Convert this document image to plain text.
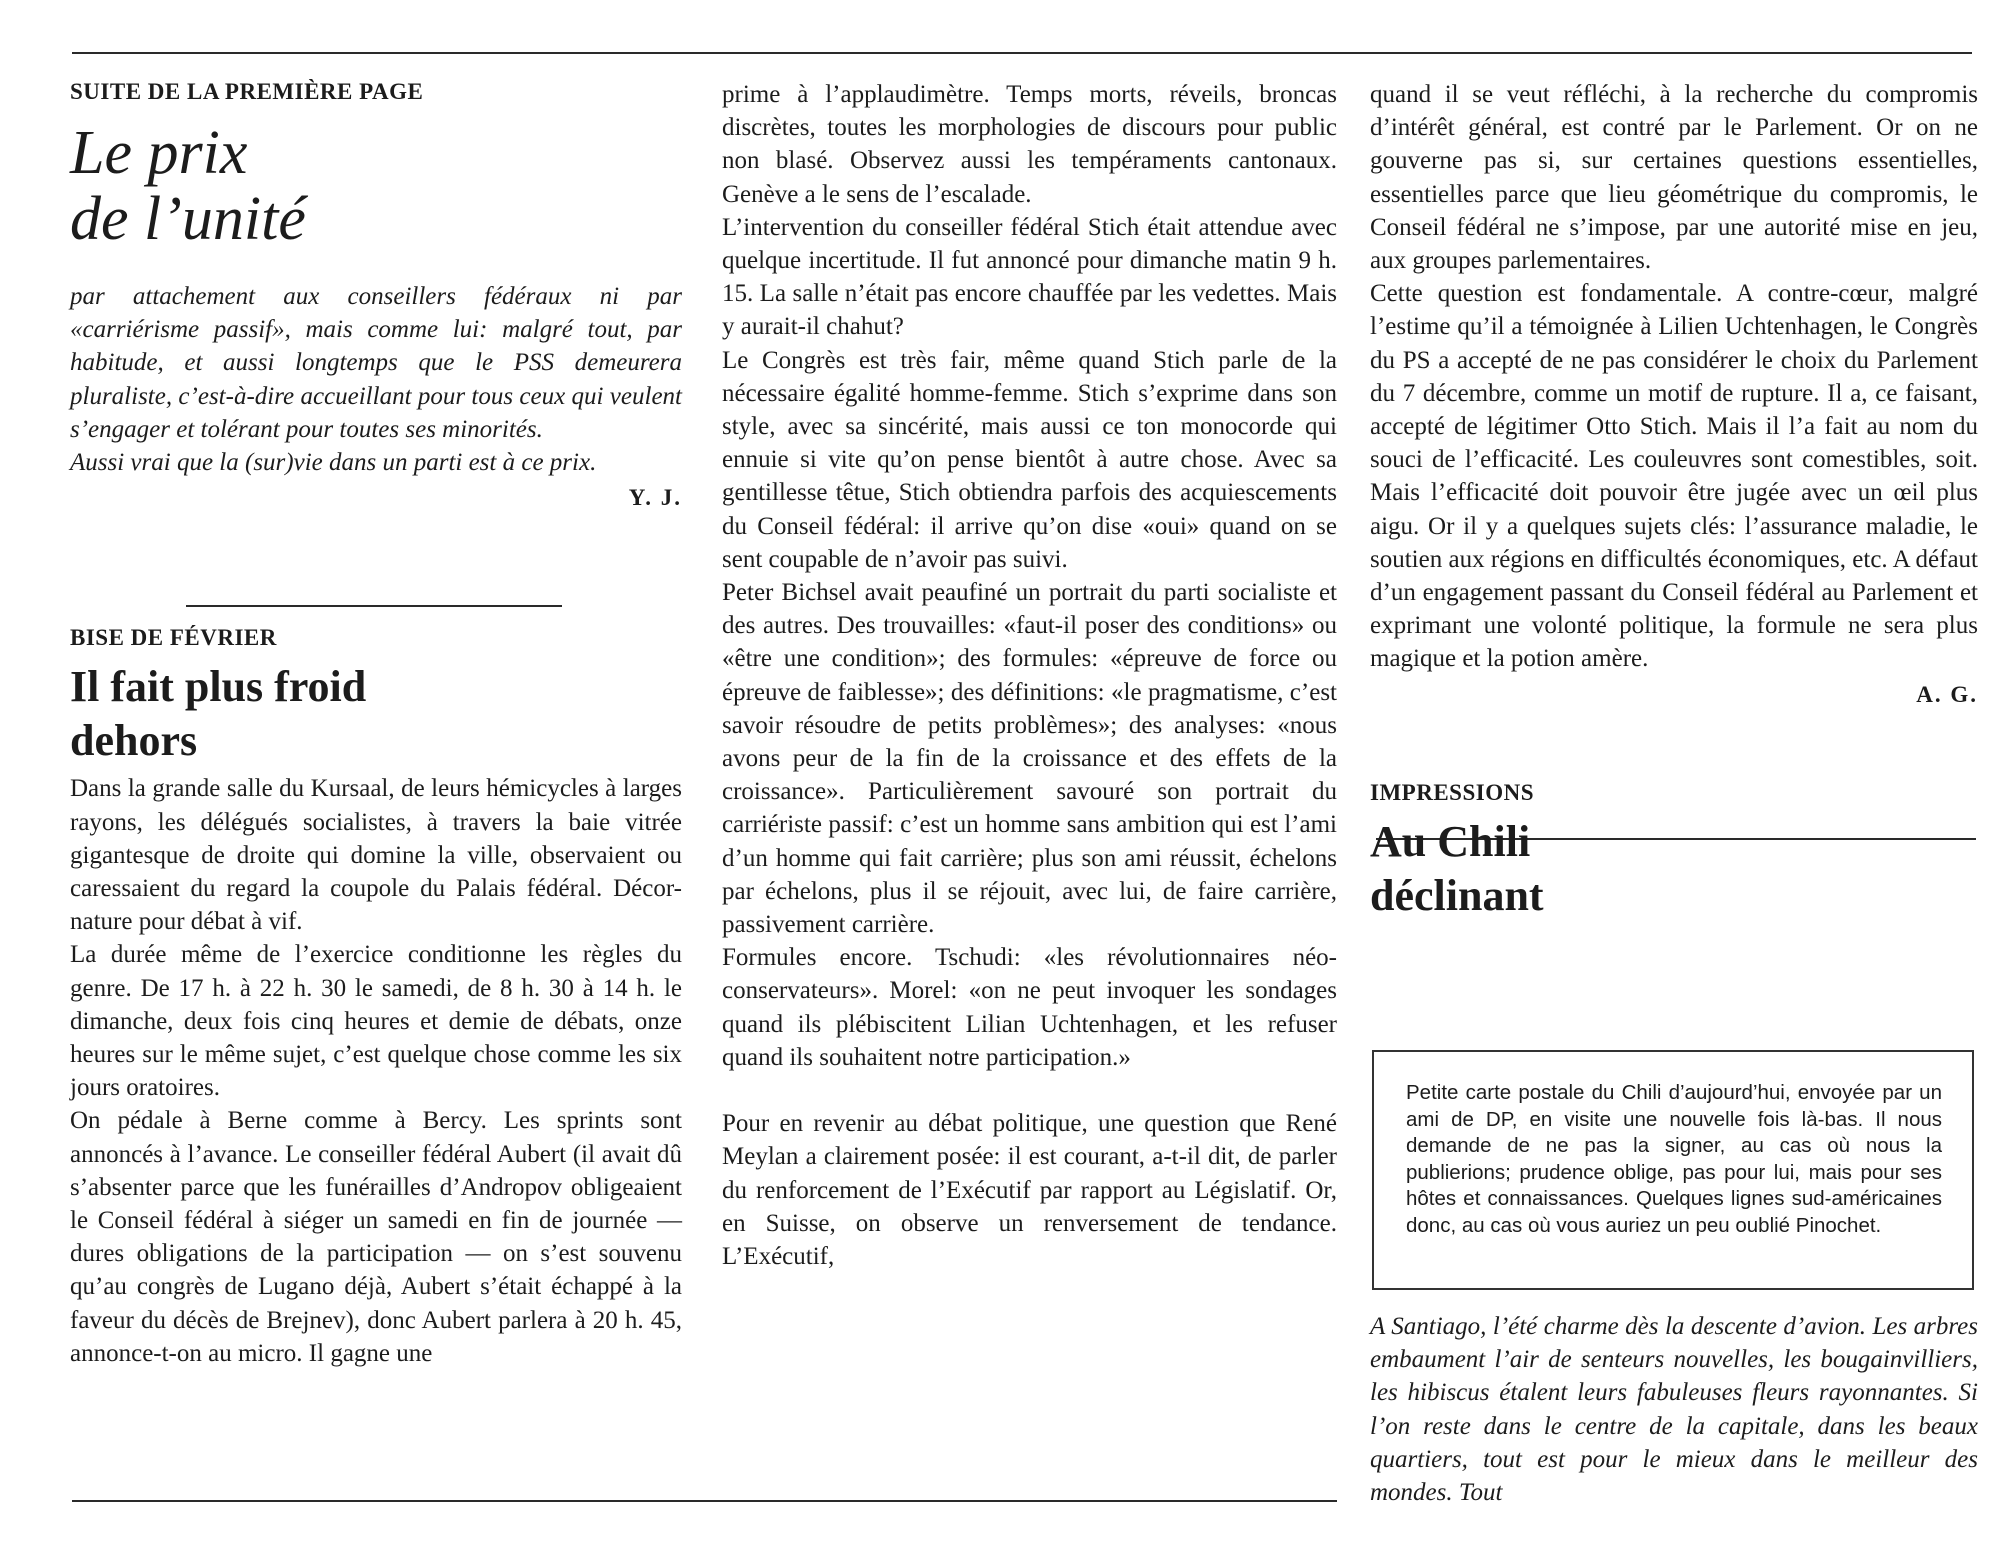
SUITE DE LA PREMIÈRE PAGE
Le prix
de l’unité

par attachement aux conseillers fédéraux ni par «carriérisme passif», mais comme lui: malgré tout, par habitude, et aussi longtemps que le PSS demeurera pluraliste, c’est-à-dire accueillant pour tous ceux qui veulent s’engager et tolérant pour toutes ses minorités.

Aussi vrai que la (sur)vie dans un parti est à ce prix.

Y. J.
BISE DE FÉVRIER
Il fait plus froid
dehors

Dans la grande salle du Kursaal, de leurs hémicycles à larges rayons, les délégués socialistes, à travers la baie vitrée gigantesque de droite qui domine la ville, observaient ou caressaient du regard la coupole du Palais fédéral. Décor-nature pour débat à vif.

La durée même de l’exercice conditionne les règles du genre. De 17 h. à 22 h. 30 le samedi, de 8 h. 30 à 14 h. le dimanche, deux fois cinq heures et demie de débats, onze heures sur le même sujet, c’est quelque chose comme les six jours oratoires.

On pédale à Berne comme à Bercy. Les sprints sont annoncés à l’avance. Le conseiller fédéral Aubert (il avait dû s’absenter parce que les funérailles d’Andropov obligeaient le Conseil fédéral à siéger un samedi en fin de journée — dures obligations de la participation — on s’est souvenu qu’au congrès de Lugano déjà, Aubert s’était échappé à la faveur du décès de Brejnev), donc Aubert parlera à 20 h. 45, annonce-t-on au micro. Il gagne une

prime à l’applaudimètre. Temps morts, réveils, broncas discrètes, toutes les morphologies de discours pour public non blasé. Observez aussi les tempéraments cantonaux. Genève a le sens de l’escalade.

L’intervention du conseiller fédéral Stich était attendue avec quelque incertitude. Il fut annoncé pour dimanche matin 9 h. 15. La salle n’était pas encore chauffée par les vedettes. Mais y aurait-il chahut?

Le Congrès est très fair, même quand Stich parle de la nécessaire égalité homme-femme. Stich s’exprime dans son style, avec sa sincérité, mais aussi ce ton monocorde qui ennuie si vite qu’on pense bientôt à autre chose. Avec sa gentillesse têtue, Stich obtiendra parfois des acquiescements du Conseil fédéral: il arrive qu’on dise «oui» quand on se sent coupable de n’avoir pas suivi.

Peter Bichsel avait peaufiné un portrait du parti socialiste et des autres. Des trouvailles: «faut-il poser des conditions» ou «être une condition»; des formules: «épreuve de force ou épreuve de faiblesse»; des définitions: «le pragmatisme, c’est savoir résoudre de petits problèmes»; des analyses: «nous avons peur de la fin de la croissance et des effets de la croissance». Particulièrement savouré son portrait du carriériste passif: c’est un homme sans ambition qui est l’ami d’un homme qui fait carrière; plus son ami réussit, échelons par échelons, plus il se réjouit, avec lui, de faire carrière, passivement carrière.

Formules encore. Tschudi: «les révolutionnaires néo-conservateurs». Morel: «on ne peut invoquer les sondages quand ils plébiscitent Lilian Uchtenhagen, et les refuser quand ils souhaitent notre participation.»

Pour en revenir au débat politique, une question que René Meylan a clairement posée: il est courant, a-t-il dit, de parler du renforcement de l’Exécutif par rapport au Législatif. Or, en Suisse, on observe un renversement de tendance. L’Exécutif,

quand il se veut réfléchi, à la recherche du compromis d’intérêt général, est contré par le Parlement. Or on ne gouverne pas si, sur certaines questions essentielles, essentielles parce que lieu géométrique du compromis, le Conseil fédéral ne s’impose, par une autorité mise en jeu, aux groupes parlementaires.

Cette question est fondamentale. A contre-cœur, malgré l’estime qu’il a témoignée à Lilien Uchtenhagen, le Congrès du PS a accepté de ne pas considérer le choix du Parlement du 7 décembre, comme un motif de rupture. Il a, ce faisant, accepté de légitimer Otto Stich. Mais il l’a fait au nom du souci de l’efficacité. Les couleuvres sont comestibles, soit. Mais l’efficacité doit pouvoir être jugée avec un œil plus aigu. Or il y a quelques sujets clés: l’assurance maladie, le soutien aux régions en difficultés économiques, etc. A défaut d’un engagement passant du Conseil fédéral au Parlement et exprimant une volonté politique, la formule ne sera plus magique et la potion amère.

A. G.
IMPRESSIONS
Au Chili
déclinant

Petite carte postale du Chili d’aujourd’hui, envoyée par un ami de DP, en visite une nouvelle fois là-bas. Il nous demande de ne pas la signer, au cas où nous la publierions; prudence oblige, pas pour lui, mais pour ses hôtes et connaissances. Quelques lignes sud-américaines donc, au cas où vous auriez un peu oublié Pinochet.

A Santiago, l’été charme dès la descente d’avion. Les arbres embaument l’air de senteurs nouvelles, les bougainvilliers, les hibiscus étalent leurs fabuleuses fleurs rayonnantes. Si l’on reste dans le centre de la capitale, dans les beaux quartiers, tout est pour le mieux dans le meilleur des mondes. Tout
